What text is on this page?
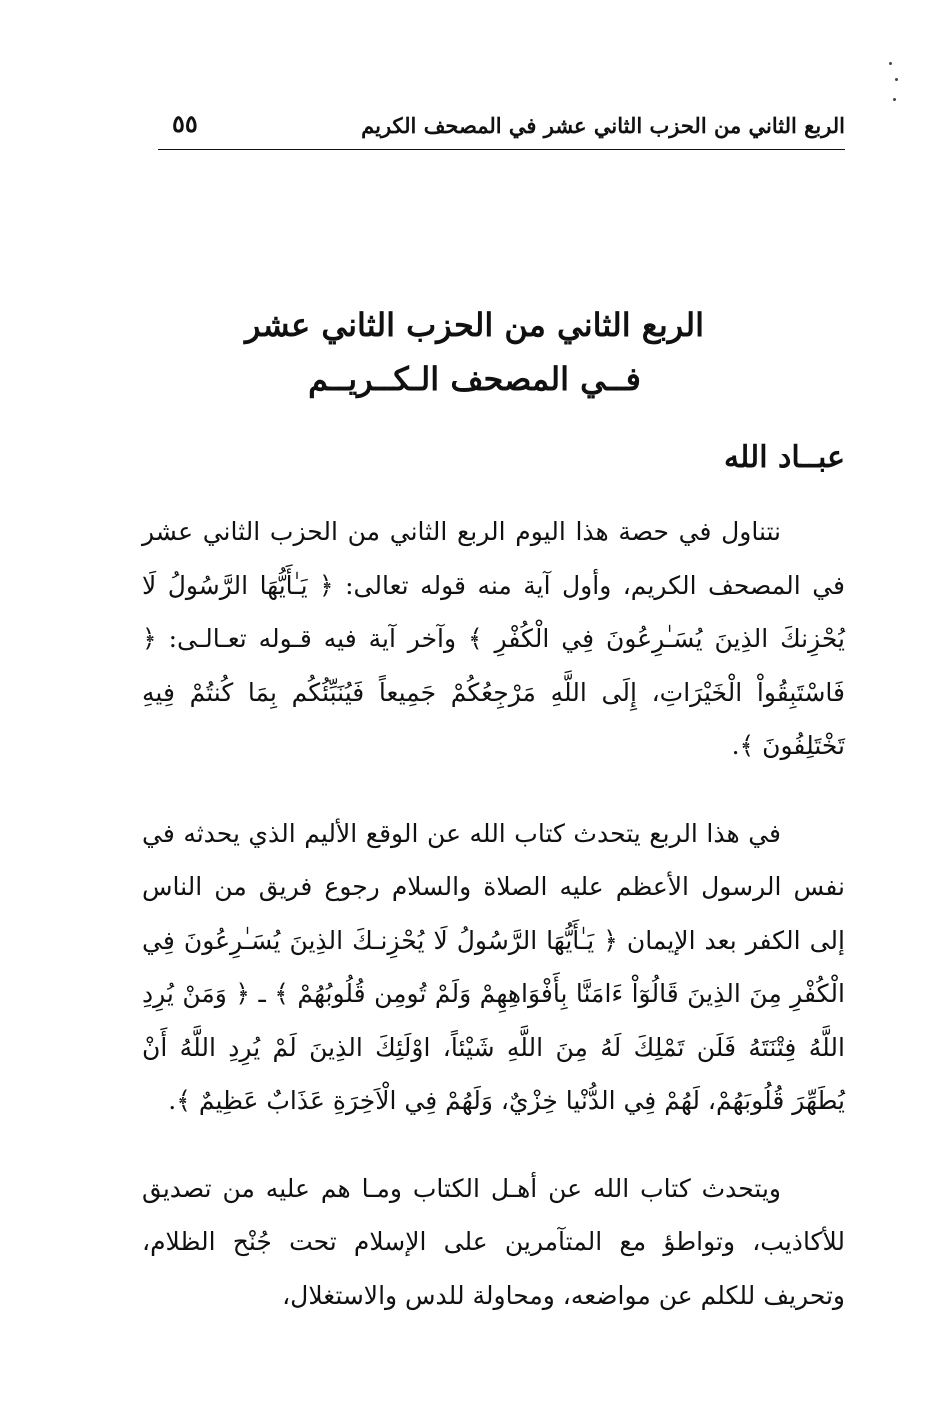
٥٥	الربع الثاني من الحزب الثاني عشر في المصحف الكريم
الربع الثاني من الحزب الثاني عشر
فــي المصحف الـكــريــم
عبــاد الله

نتناول في حصة هذا اليوم الربع الثاني من الحزب الثاني عشر في المصحف الكريم، وأول آية منه قوله تعالى: ﴿ يَـٰأَيُّهَا الرَّسُولُ لَا يُحْزِنكَ الذِينَ يُسَـٰرِعُونَ فِي الْكُفْرِ ﴾ وآخر آية فيه قـوله تعـالـى: ﴿ فَاسْتَبِقُواْ الْخَيْرَاتِ، إِلَى اللَّهِ مَرْجِعُكُمْ جَمِيعاً فَيُنَبِّئُكُم بِمَا كُنتُمْ فِيهِ تَخْتَلِفُونَ ﴾.

في هذا الربع يتحدث كتاب الله عن الوقع الأليم الذي يحدثه في نفس الرسول الأعظم عليه الصلاة والسلام رجوع فريق من الناس إلى الكفر بعد الإيمان ﴿ يَـٰأَيُّهَا الرَّسُولُ لَا يُحْزِنـكَ الذِينَ يُسَـٰرِعُونَ فِي الْكُفْرِ مِنَ الذِينَ قَالُوٓاْ ءَامَنَّا بِأَفْوَاهِهِمْ وَلَمْ تُومِن قُلُوبُهُمْ ﴾ ـ ﴿ وَمَنْ يُرِدِ اللَّهُ فِتْنَتَهُ فَلَن تَمْلِكَ لَهُ مِنَ اللَّهِ شَيْئاً، اوْلَئِكَ الذِينَ لَمْ يُرِدِ اللَّهُ أَنْ يُطَهِّرَ قُلُوبَهُمْ، لَهُمْ فِي الدُّنْيا خِزْيٌ، وَلَهُمْ فِي الْاَخِرَةِ عَذَابٌ عَظِيمٌ ﴾.

ويتحدث كتاب الله عن أهـل الكتاب ومـا هم عليه من تصديق للأكاذيب، وتواطؤ مع المتآمرين على الإسلام تحت جُنْح الظلام، وتحريف للكلم عن مواضعه، ومحاولة للدس والاستغلال،
